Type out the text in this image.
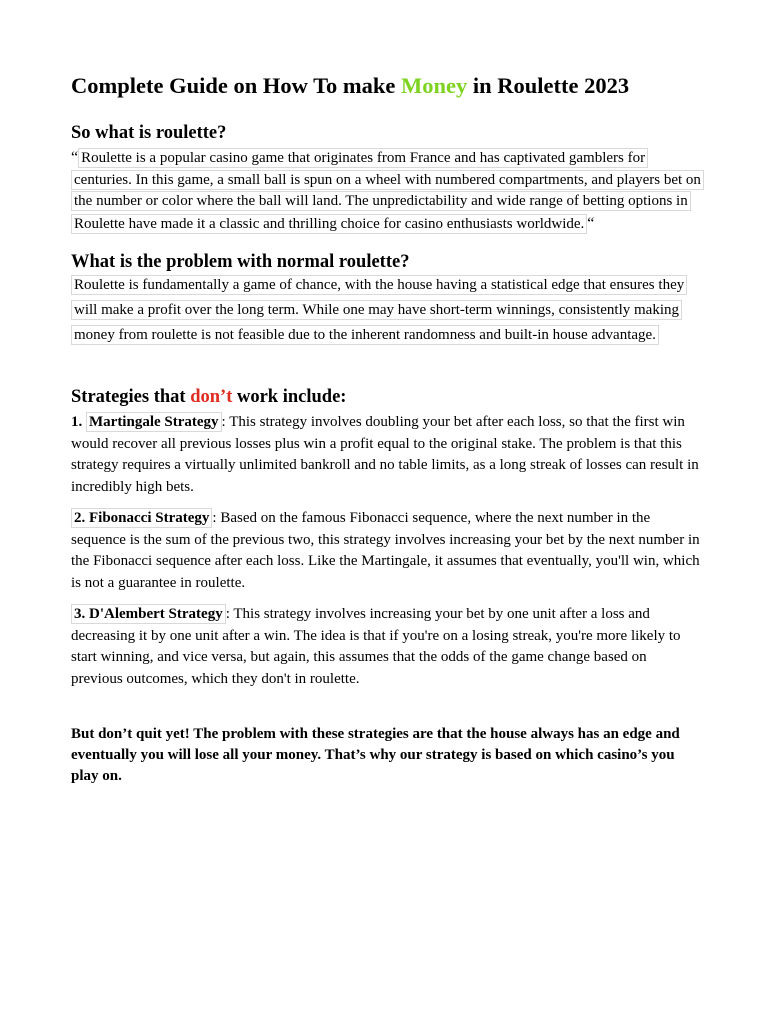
Complete Guide on How To make Money in Roulette 2023
So what is roulette?

“ Roulette is a popular casino game that originates from France and has captivated gamblers for centuries. In this game, a small ball is spun on a wheel with numbered compartments, and players bet on the number or color where the ball will land. The unpredictability and wide range of betting options in Roulette have made it a classic and thrilling choice for casino enthusiasts worldwide. “

What is the problem with normal roulette?

Roulette is fundamentally a game of chance, with the house having a statistical edge that ensures they will make a profit over the long term. While one may have short-term winnings, consistently making money from roulette is not feasible due to the inherent randomness and built-in house advantage.

Strategies that don’t work include:

1. Martingale Strategy : This strategy involves doubling your bet after each loss, so that the first win would recover all previous losses plus win a profit equal to the original stake. The problem is that this strategy requires a virtually unlimited bankroll and no table limits, as a long streak of losses can result in incredibly high bets.

2. Fibonacci Strategy : Based on the famous Fibonacci sequence, where the next number in the sequence is the sum of the previous two, this strategy involves increasing your bet by the next number in the Fibonacci sequence after each loss. Like the Martingale, it assumes that eventually, you'll win, which is not a guarantee in roulette.

3. D'Alembert Strategy : This strategy involves increasing your bet by one unit after a loss and decreasing it by one unit after a win. The idea is that if you're on a losing streak, you're more likely to start winning, and vice versa, but again, this assumes that the odds of the game change based on previous outcomes, which they don't in roulette.

But don’t quit yet! The problem with these strategies are that the house always has an edge and eventually you will lose all your money. That’s why our strategy is based on which casino’s you play on.
